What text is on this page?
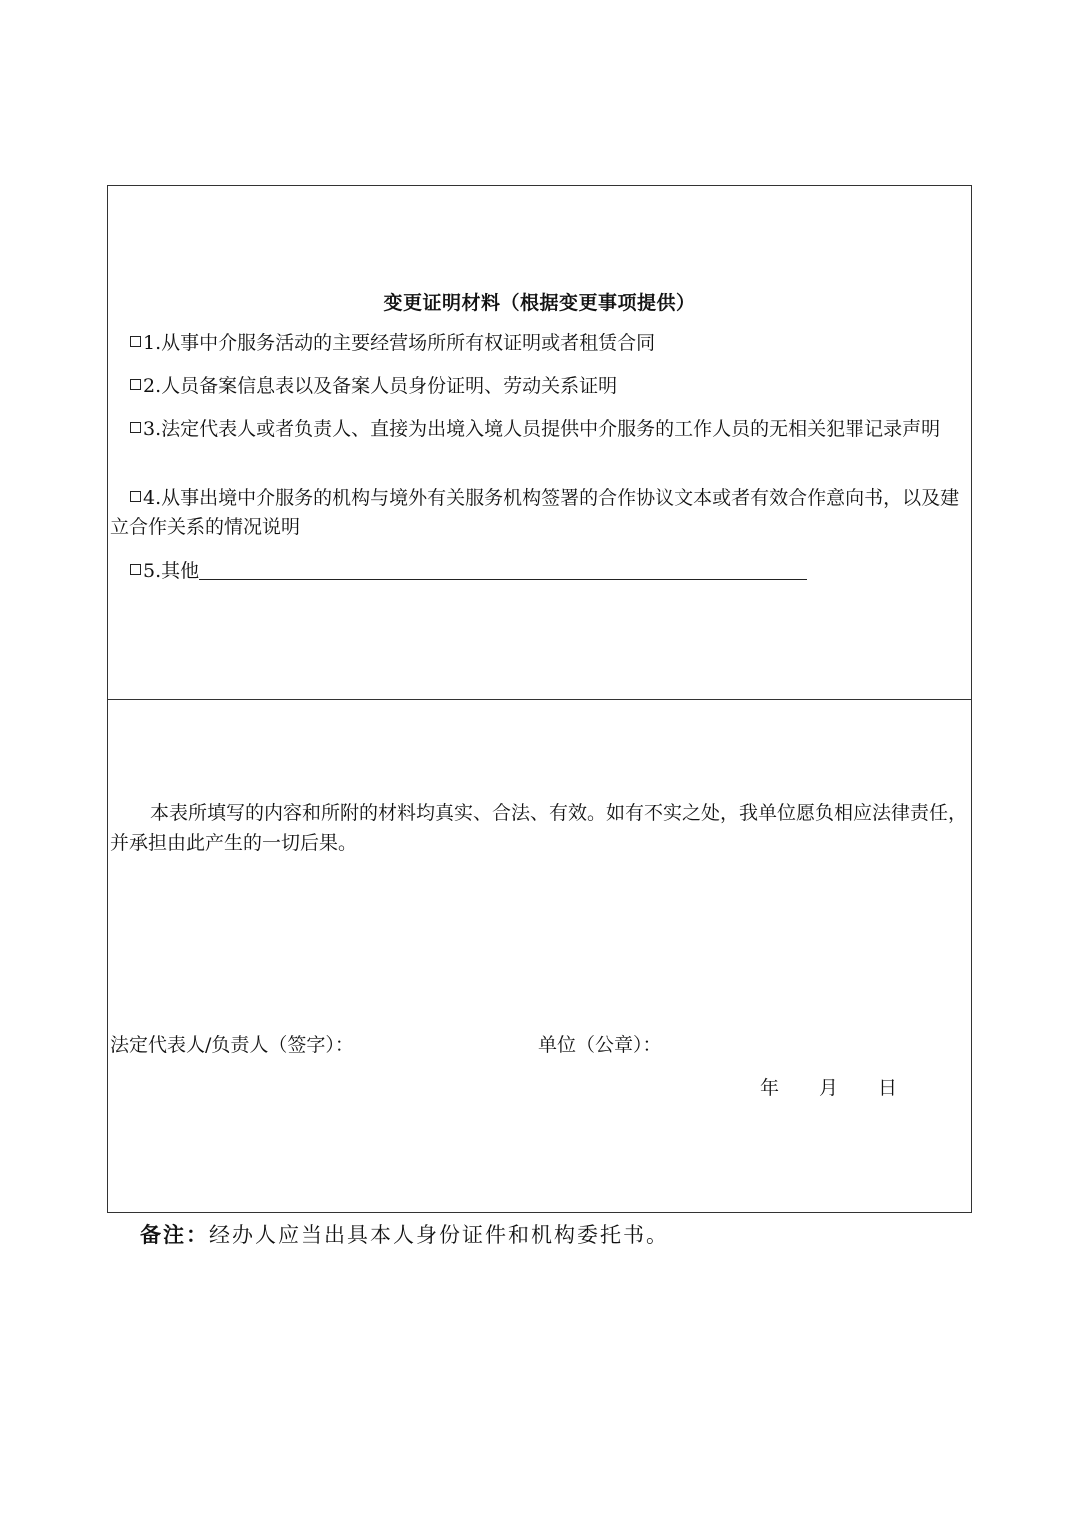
变更证明材料（根据变更事项提供）
1.从事中介服务活动的主要经营场所所有权证明或者租赁合同
2.人员备案信息表以及备案人员身份证明、劳动关系证明
3.法定代表人或者负责人、直接为出境入境人员提供中介服务的工作人员的无相关犯罪记录声明
4.从事出境中介服务的机构与境外有关服务机构签署的合作协议文本或者有效合作意向书，以及建立合作关系的情况说明
5.其他
本表所填写的内容和所附的材料均真实、合法、有效。如有不实之处，我单位愿负相应法律责任，并承担由此产生的一切后果。
法定代表人/负责人（签字）：	单位（公章）：
年 月 日
备注：经办人应当出具本人身份证件和机构委托书。
